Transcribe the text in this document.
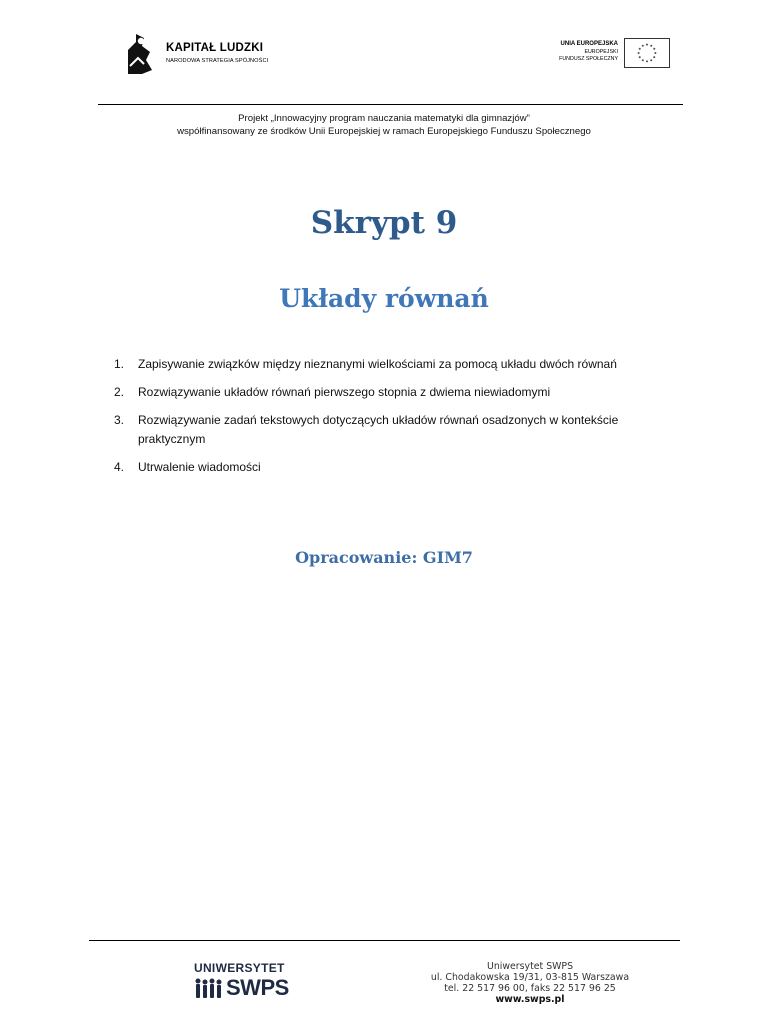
KAPITAŁ LUDZKI
NARODOWA STRATEGIA SPÓJNOŚCI
UNIA EUROPEJSKA
EUROPEJSKI
FUNDUSZ SPOŁECZNY
Projekt „Innowacyjny program nauczania matematyki dla gimnazjów”
współfinansowany ze środków Unii Europejskiej w ramach Europejskiego Funduszu Społecznego
Skrypt 9
Układy równań
1. Zapisywanie związków między nieznanymi wielkościami za pomocą układu dwóch równań
2. Rozwiązywanie układów równań pierwszego stopnia z dwiema niewiadomymi
3. Rozwiązywanie zadań tekstowych dotyczących układów równań osadzonych w kontekście praktycznym
4. Utrwalenie wiadomości
Opracowanie: GIM7
UNIWERSYTET
SWPS
Uniwersytet SWPS
ul. Chodakowska 19/31, 03-815 Warszawa
tel. 22 517 96 00, faks 22 517 96 25
www.swps.pl
